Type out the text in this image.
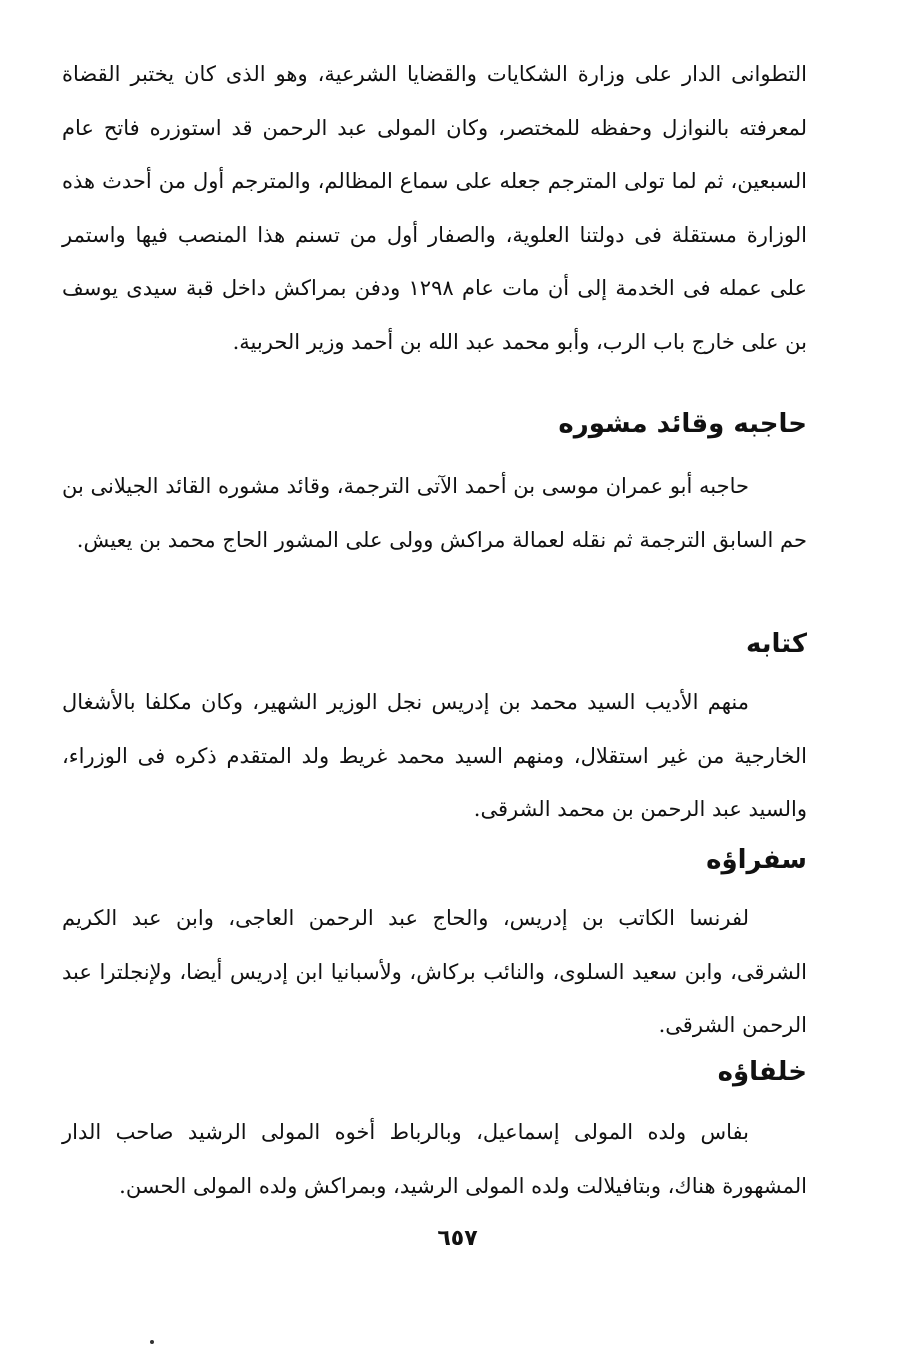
التطوانى الدار على وزارة الشكايات والقضايا الشرعية، وهو الذى كان يختبر القضاة لمعرفته بالنوازل وحفظه للمختصر، وكان المولى عبد الرحمن قد استوزره فاتح عام السبعين، ثم لما تولى المترجم جعله على سماع المظالم، والمترجم أول من أحدث هذه الوزارة مستقلة فى دولتنا العلوية، والصفار أول من تسنم هذا المنصب فيها واستمر على عمله فى الخدمة إلى أن مات عام ١٢٩٨ ودفن بمراكش داخل قبة سيدى يوسف بن على خارج باب الرب، وأبو محمد عبد الله بن أحمد وزير الحربية.

حاجبه وقائد مشوره

حاجبه أبو عمران موسى بن أحمد الآتى الترجمة، وقائد مشوره القائد الجيلانى بن حم السابق الترجمة ثم نقله لعمالة مراكش وولى على المشور الحاج محمد بن يعيش.

كتابه

منهم الأديب السيد محمد بن إدريس نجل الوزير الشهير، وكان مكلفا بالأشغال الخارجية من غير استقلال، ومنهم السيد محمد غريط ولد المتقدم ذكره فى الوزراء، والسيد عبد الرحمن بن محمد الشرقى.

سفراؤه

لفرنسا الكاتب بن إدريس، والحاج عبد الرحمن العاجى، وابن عبد الكريم الشرقى، وابن سعيد السلوى، والنائب بركاش، ولأسبانيا ابن إدريس أيضا، ولإنجلترا عبد الرحمن الشرقى.

خلفاؤه

بفاس ولده المولى إسماعيل، وبالرباط أخوه المولى الرشيد صاحب الدار المشهورة هناك، وبتافيلالت ولده المولى الرشيد، وبمراكش ولده المولى الحسن.

٦٥٧
